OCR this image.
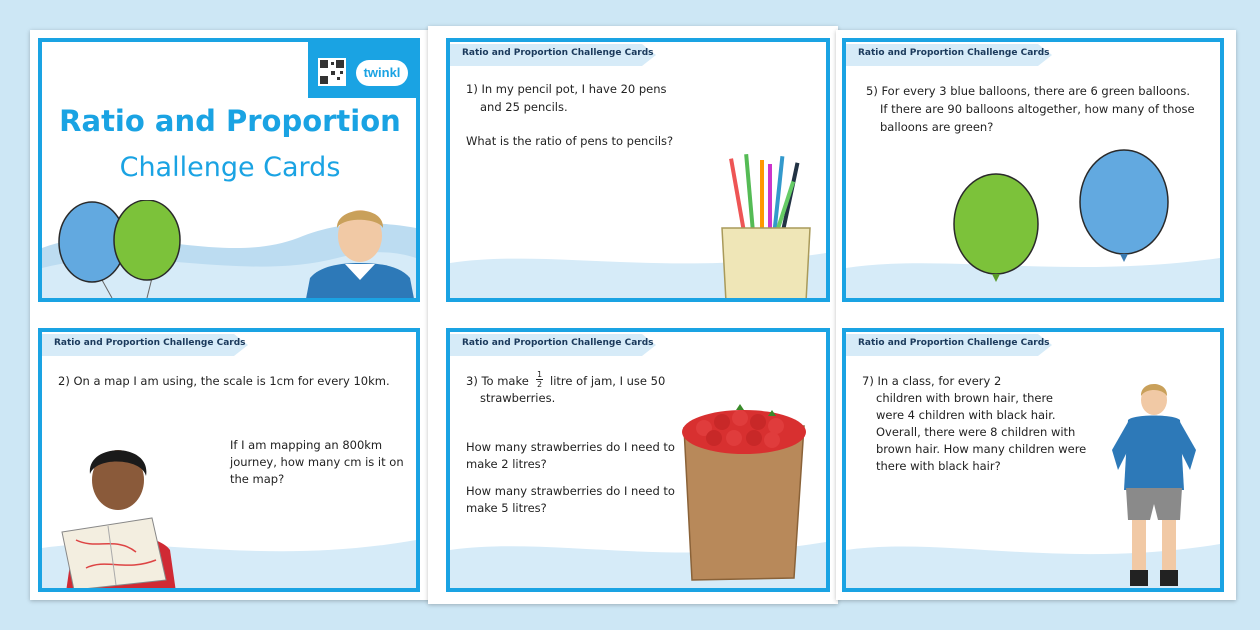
twinkl
Ratio and Proportion
Challenge Cards
Ratio and Proportion Challenge Cards
1) In my pencil pot, I have 20 pens
and 25 pencils.
What is the ratio of pens to pencils?
Ratio and Proportion Challenge Cards
5) For every 3 blue balloons, there are 6 green balloons.
If there are 90 balloons altogether, how many of those
balloons are green?
Ratio and Proportion Challenge Cards
2) On a map I am using, the scale is 1cm for every 10km.
If I am mapping an 800km
journey, how many cm is it on
the map?
Ratio and Proportion Challenge Cards
3) To make $\frac{1}{2}$ litre of jam, I use 50
strawberries.
How many strawberries do I need to
make 2 litres?
How many strawberries do I need to
make 5 litres?
Ratio and Proportion Challenge Cards
7) In a class, for every 2
children with brown hair, there
were 4 children with black hair.
Overall, there were 8 children with
brown hair. How many children were
there with black hair?
